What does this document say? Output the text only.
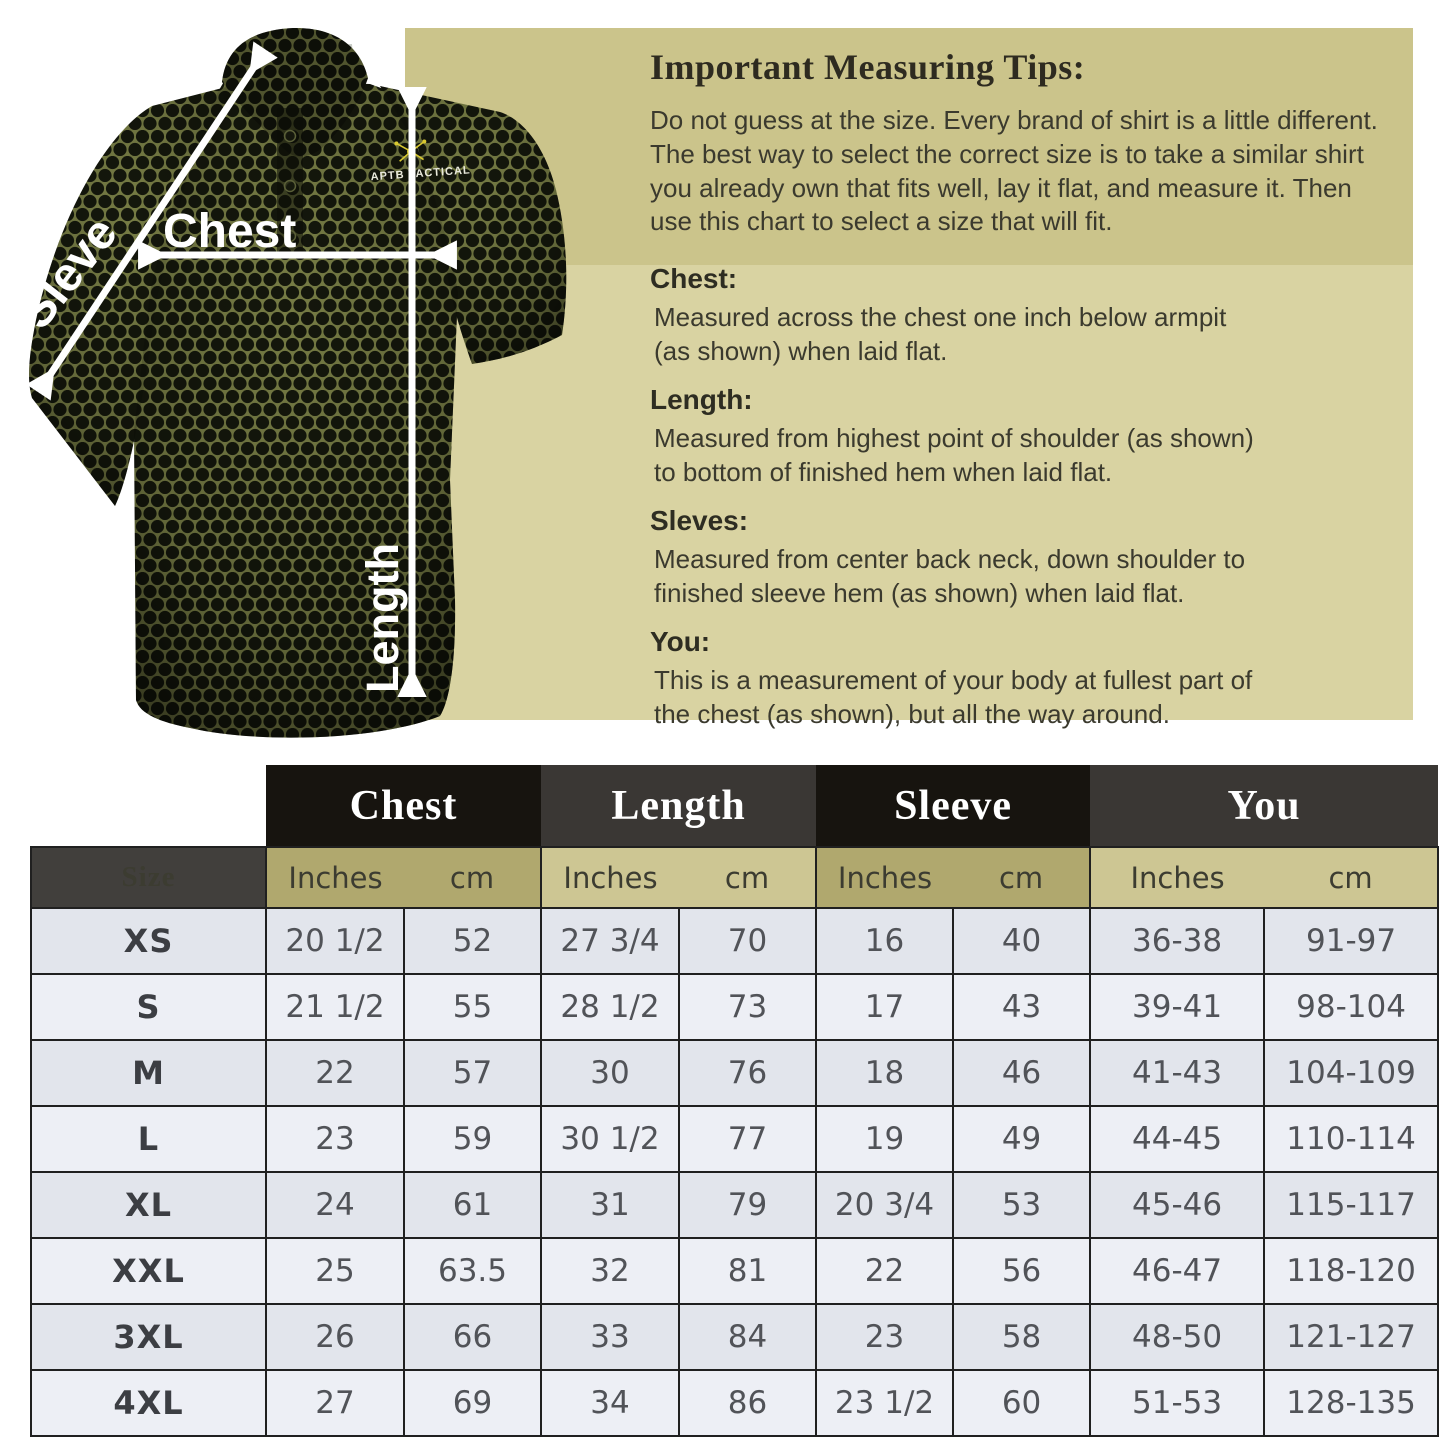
Important Measuring Tips:

Do not guess at the size. Every brand of shirt is a little different. The best way to select the correct size is to take a similar shirt you already own that fits well, lay it flat, and measure it. Then use this chart to select a size that will fit.

Chest:

Measured across the chest one inch below armpit (as shown) when laid flat.

Length:

Measured from highest point of shoulder (as shown) to bottom of finished hem when laid flat.

Sleves:

Measured from center back neck, down shoulder to finished sleeve hem (as shown) when laid flat.

You:

This is a measurement of your body at fullest part of the chest (as shown), but all the way around.

APTB TACTICAL
Sleve Chest
Length
	Chest		Length		Sleeve		You	
Size	Inches	cm	Inches	cm	Inches	cm	Inches	cm
XS	20 1/2	52	27 3/4	70	16	40	36-38	91-97
S	21 1/2	55	28 1/2	73	17	43	39-41	98-104
M	22	57	30	76	18	46	41-43	104-109
L	23	59	30 1/2	77	19	49	44-45	110-114
XL	24	61	31	79	20 3/4	53	45-46	115-117
XXL	25	63.5	32	81	22	56	46-47	118-120
3XL	26	66	33	84	23	58	48-50	121-127
4XL	27	69	34	86	23 1/2	60	51-53	128-135
